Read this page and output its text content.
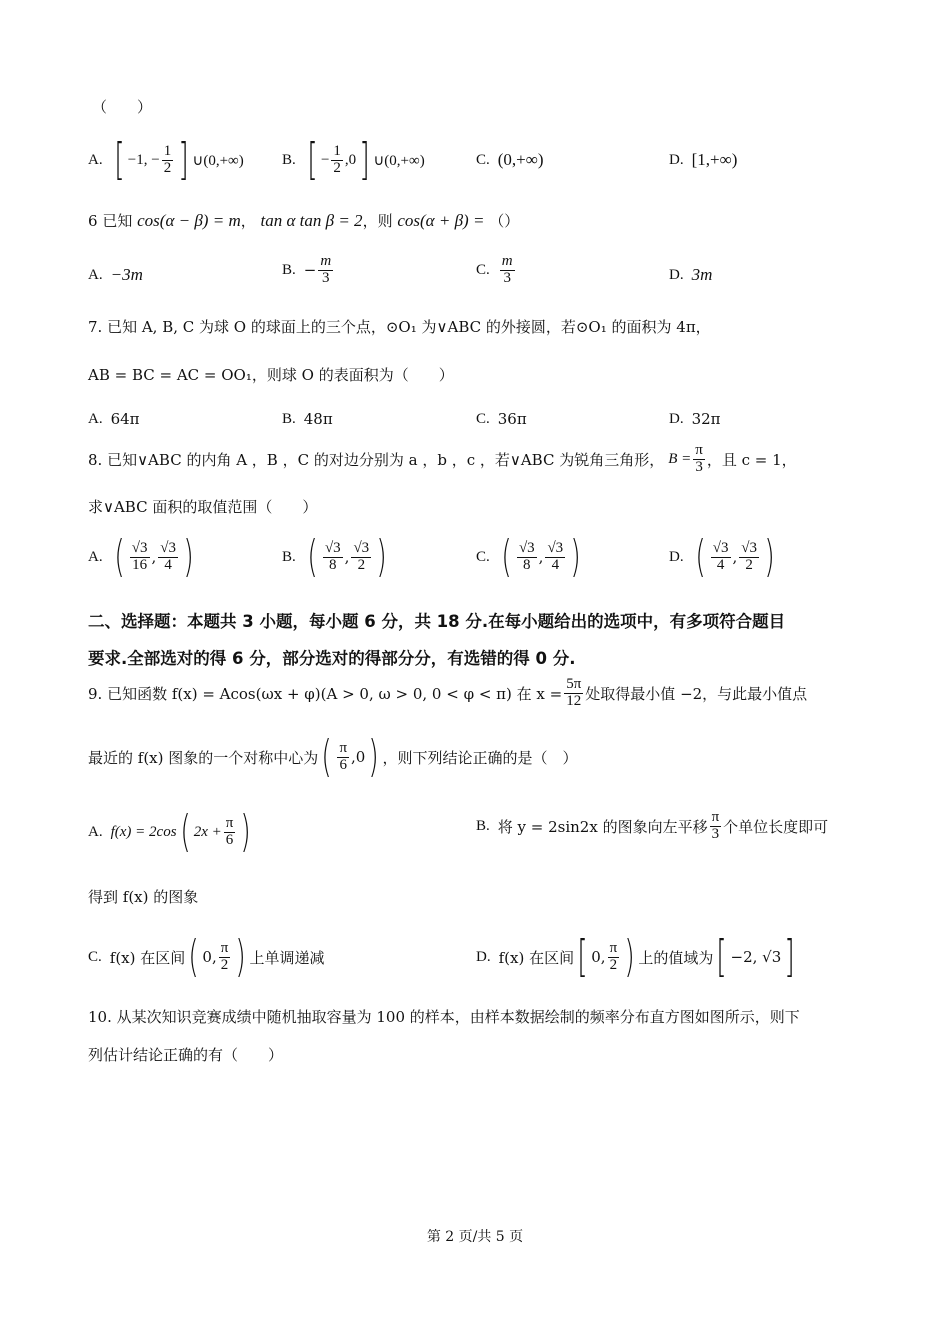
（　　）
A. [ −1, − $\frac{1}{2}$ ] ∪(0,+∞)	B. [ − $\frac{1}{2} ,0$ ] ∪(0,+∞)	C. (0,+∞)	D. [1,+∞)
6 已知 cos(α − β) = m， tan α tan β = 2，则 cos(α + β) = （）
A. −3m	B. − $\frac{m}{3}$	C. $\frac{m}{3}$	D. 3m
7. 已知 A, B, C 为球 O 的球面上的三个点，⊙O₁ 为∨ABC 的外接圆，若⊙O₁ 的面积为 4π，
AB = BC = AC = OO₁，则球 O 的表面积为（　　）
A. 64π	B. 48π	C. 36π	D. 32π
8. 已知∨ABC 的内角 A ，B ，C 的对边分别为 a ，b ，c ，若∨ABC 为锐角三角形， $B = \frac{\pi}{3}$ ，且 c = 1，
求∨ABC 面积的取值范围（　　）
A. ( $\frac{√3}{16}$ , $\frac{√3}{4}$ )	B. ( $\frac{√3}{8}$ , $\frac{√3}{2}$ )	C. ( $\frac{√3}{8}$ , $\frac{√3}{4}$ )	D. ( $\frac{√3}{4}$ , $\frac{√3}{2}$ )
二、选择题：本题共 3 小题，每小题 6 分，共 18 分.在每小题给出的选项中，有多项符合题目
要求.全部选对的得 6 分，部分选对的得部分分，有选错的得 0 分.
9. 已知函数 f(x) = Acos(ωx + φ)(A > 0, ω > 0, 0 < φ < π) 在 $x = \frac{5\pi}{12}$ 处取得最小值 −2，与此最小值点
最近的 f(x) 图象的一个对称中心为 ( $\frac{\pi}{6} ,0$ ) ，则下列结论正确的是（　）
A. f(x) = 2cos ( $2x + \frac{\pi}{6}$ )	B. 将 y = 2sin2x 的图象向左平移 $\frac{\pi}{3}$ 个单位长度即可
得到 f(x) 的图象
C. f(x) 在区间 ( 0, $\frac{\pi}{2}$ ) 上单调递减	D. f(x) 在区间 [ 0, $\frac{\pi}{2}$ ) 上的值域为 [ −2, √3 ]
10. 从某次知识竞赛成绩中随机抽取容量为 100 的样本，由样本数据绘制的频率分布直方图如图所示，则下
列估计结论正确的有（　　）
第 2 页/共 5 页
